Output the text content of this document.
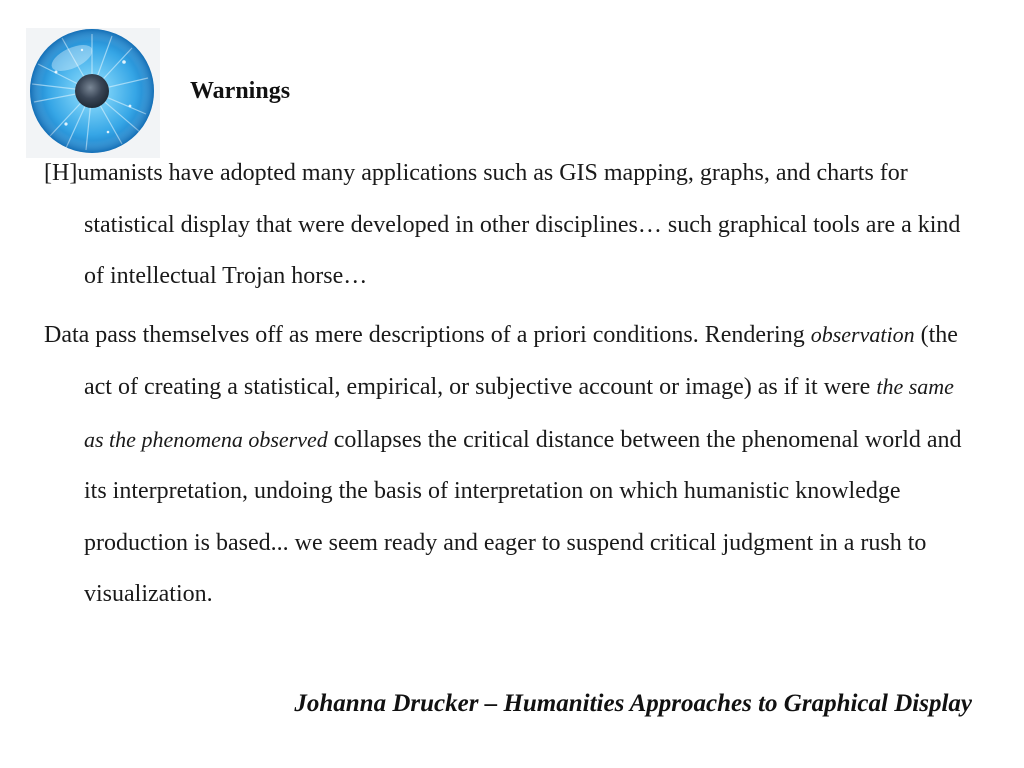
Warnings

[H]umanists have adopted many applications such as GIS mapping, graphs, and charts for statistical display that were developed in other disciplines… such graphical tools are a kind of intellectual Trojan horse…

Data pass themselves off as mere descriptions of a priori conditions. Rendering observation (the act of creating a statistical, empirical, or subjective account or image) as if it were the same as the phenomena observed collapses the critical distance between the phenomenal world and its interpretation, undoing the basis of interpretation on which humanistic knowledge production is based... we seem ready and eager to suspend critical judgment in a rush to visualization.

Johanna Drucker – Humanities Approaches to Graphical Display
